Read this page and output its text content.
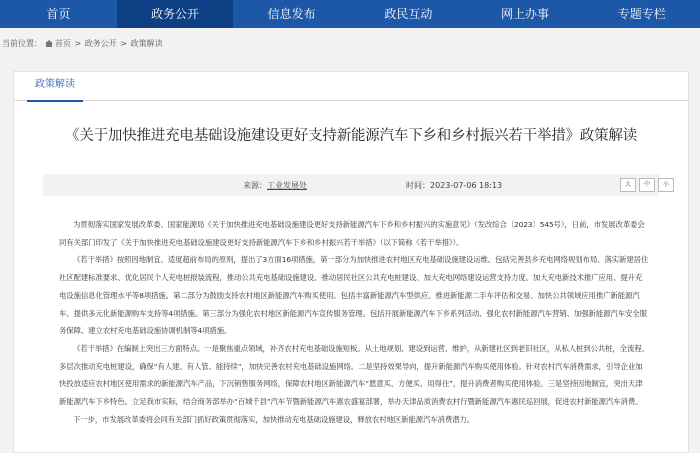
首页	政务公开	信息发布	政民互动	网上办事	专题专栏
当前位置： 首页 > 政务公开 > 政策解读
政策解读
《关于加快推进充电基础设施建设更好支持新能源汽车下乡和乡村振兴若干举措》政策解读
来源：工业发展处	时间：2023-07-06 18:13	大	中	小

为贯彻落实国家发展改革委、国家能源局《关于加快推进充电基础设施建设更好支持新能源汽车下乡和乡村振兴的实施意见》（发改综合〔2023〕545号），日前，市发展改革委会同有关部门印发了《关于加快推进充电基础设施建设更好支持新能源汽车下乡和乡村振兴若干举措》（以下简称《若干举措》）。

《若干举措》按照因地制宜、适度超前布局的原则，提出了3方面16项措施，第一部分为加快推进农村地区充电基础设施建设运维。包括完善县乡充电网络规划布局、落实新建居住社区配建标准要求、优化居民个人充电桩报装流程，推动公共充电基础设施建设、推动居民社区公共充电桩建设、加大充电网络建设运营支持力度、加大充电新技术推广应用、提升充电设施信息化管理水平等8项措施。第二部分为鼓励支持农村地区新能源汽车购买使用。包括丰富新能源汽车型供应、推进新能源二手车评估和交易、加快公共领域应用推广新能源汽车、提供多元化新能源购车支持等4项措施。第三部分为强化农村地区新能源汽车宣传服务管理。包括开展新能源汽车下乡系列活动、强化农村新能源汽车营销、加强新能源汽车安全服务保障、建立农村充电基础设施协调机制等4项措施。

《若干举措》在编制上突出三方面特点。一是聚焦重点领域，补齐农村充电基础设施短板。从土地规划、建设到运营、维护，从新建社区到老旧社区，从私人桩到公共桩，全流程、多层次推动充电桩建设，确保“有人建、有人管、能持续”，加快完善农村充电基础设施网络。二是坚持效果导向，提升新能源汽车购买使用体验。针对农村汽车消费需求，引导企业加快投放适应农村地区使用需求的新能源汽车产品，下沉销售服务网络，保障农村地区新能源汽车“愿意买、方便买、用得住”，提升消费者购买使用体验。三是坚持因地制宜，突出天津新能源汽车下乡特色。立足我市实际，结合商务部举办“百城千县”汽车节暨新能源汽车惠农盛宴部署，举办天津品质消费农村行暨新能源汽车惠民巡回展，促进农村新能源汽车消费。

下一步，市发展改革委将会同有关部门抓好政策贯彻落实，加快推动充电基础设施建设，释放农村地区新能源汽车消费潜力。
